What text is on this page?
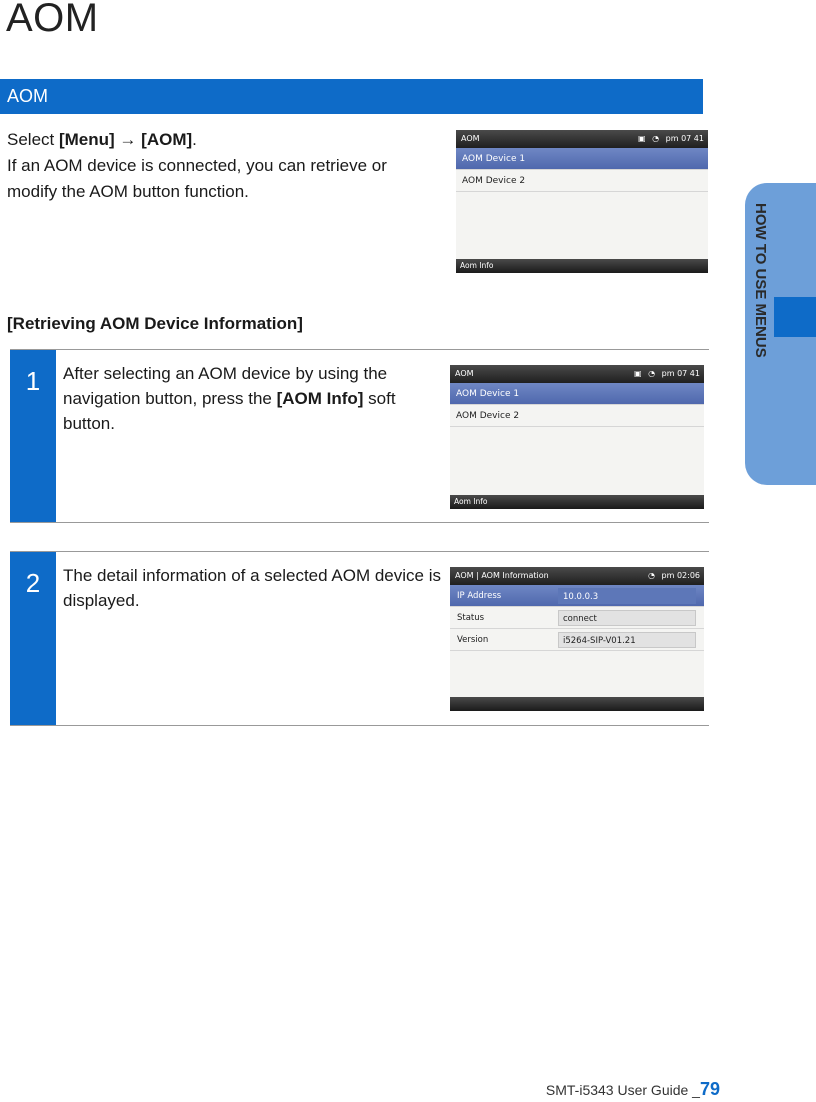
AOM
AOM

Select [Menu] → [AOM].

If an AOM device is connected, you can retrieve or modify the AOM button function.

AOM	▣ ◔ pm 07 41
AOM Device 1
AOM Device 2
Aom Info
[Retrieving AOM Device Information]
1	After selecting an AOM device by using the navigation button, press the [AOM Info] soft button.
AOM	▣ ◔ pm 07 41
AOM Device 1
AOM Device 2
Aom Info
2	The detail information of a selected AOM device is displayed.
AOM | AOM Information	◔ pm 02:06
IP Address	10.0.0.3
Status	connect
Version	i5264-SIP-V01.21
HOW TO USE MENUS
SMT-i5343 User Guide _79
